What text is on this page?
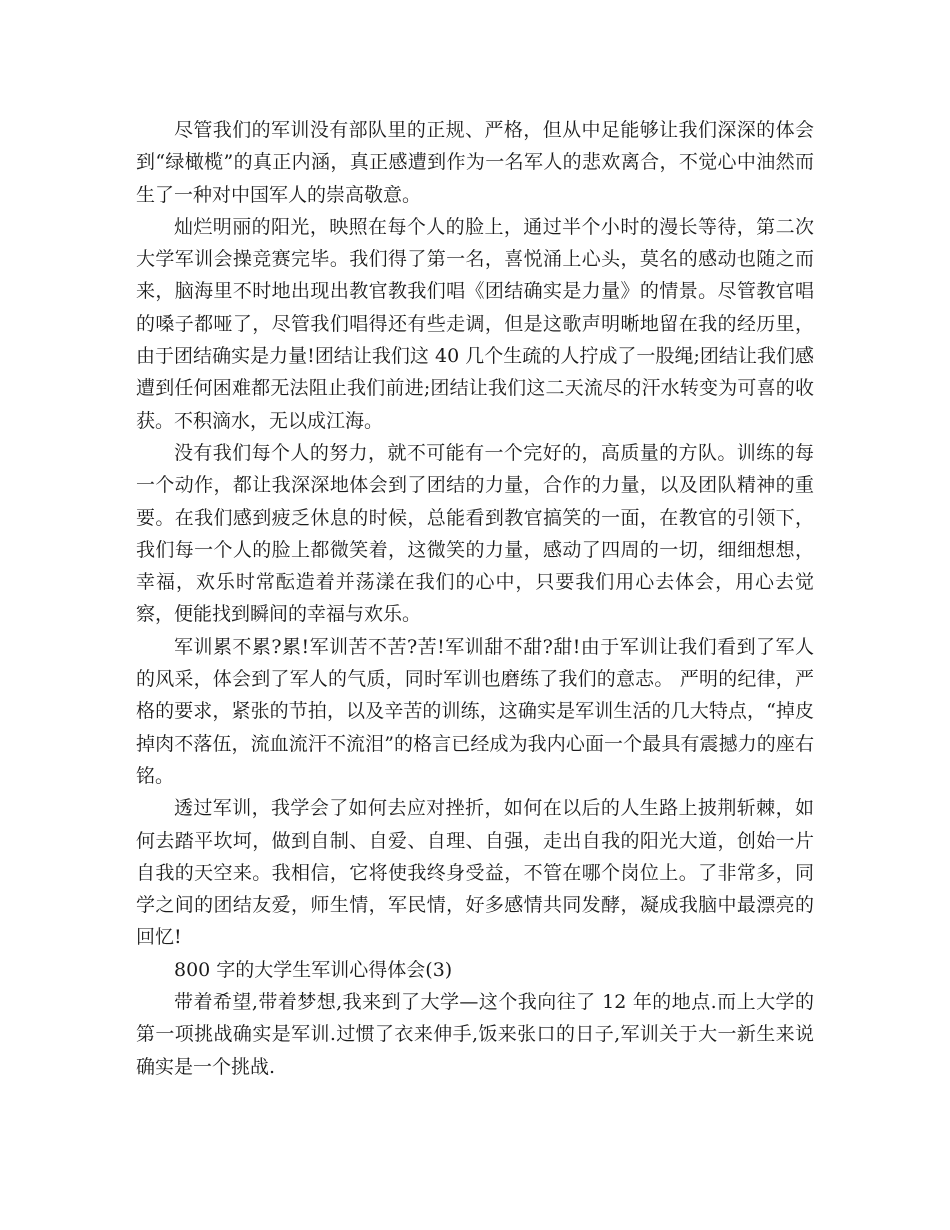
尽管我们的军训没有部队里的正规、严格，但从中足能够让我们深深的体会到“绿橄榄”的真正内涵，真正感遭到作为一名军人的悲欢离合，不觉心中油然而生了一种对中国军人的崇高敬意。

灿烂明丽的阳光，映照在每个人的脸上，通过半个小时的漫长等待，第二次大学军训会操竞赛完毕。我们得了第一名，喜悦涌上心头，莫名的感动也随之而来，脑海里不时地出现出教官教我们唱《团结确实是力量》的情景。尽管教官唱的嗓子都哑了，尽管我们唱得还有些走调，但是这歌声明晰地留在我的经历里，由于团结确实是力量!团结让我们这 40 几个生疏的人拧成了一股绳;团结让我们感遭到任何困难都无法阻止我们前进;团结让我们这二天流尽的汗水转变为可喜的收获。不积滴水，无以成江海。

没有我们每个人的努力，就不可能有一个完好的，高质量的方队。训练的每一个动作，都让我深深地体会到了团结的力量，合作的力量，以及团队精神的重要。在我们感到疲乏休息的时候，总能看到教官搞笑的一面，在教官的引领下，我们每一个人的脸上都微笑着，这微笑的力量，感动了四周的一切，细细想想，幸福，欢乐时常酝造着并荡漾在我们的心中，只要我们用心去体会，用心去觉察，便能找到瞬间的幸福与欢乐。

军训累不累?累!军训苦不苦?苦!军训甜不甜?甜!由于军训让我们看到了军人的风采，体会到了军人的气质，同时军训也磨练了我们的意志。 严明的纪律，严格的要求，紧张的节拍，以及辛苦的训练，这确实是军训生活的几大特点，“掉皮掉肉不落伍，流血流汗不流泪”的格言已经成为我内心面一个最具有震撼力的座右铭。

透过军训，我学会了如何去应对挫折，如何在以后的人生路上披荆斩棘，如何去踏平坎坷，做到自制、自爱、自理、自强，走出自我的阳光大道，创始一片自我的天空来。我相信，它将使我终身受益，不管在哪个岗位上。了非常多，同学之间的团结友爱，师生情，军民情，好多感情共同发酵，凝成我脑中最漂亮的回忆!

800 字的大学生军训心得体会(3)

带着希望,带着梦想,我来到了大学—这个我向往了 12 年的地点.而上大学的第一项挑战确实是军训.过惯了衣来伸手,饭来张口的日子,军训关于大一新生来说确实是一个挑战.
